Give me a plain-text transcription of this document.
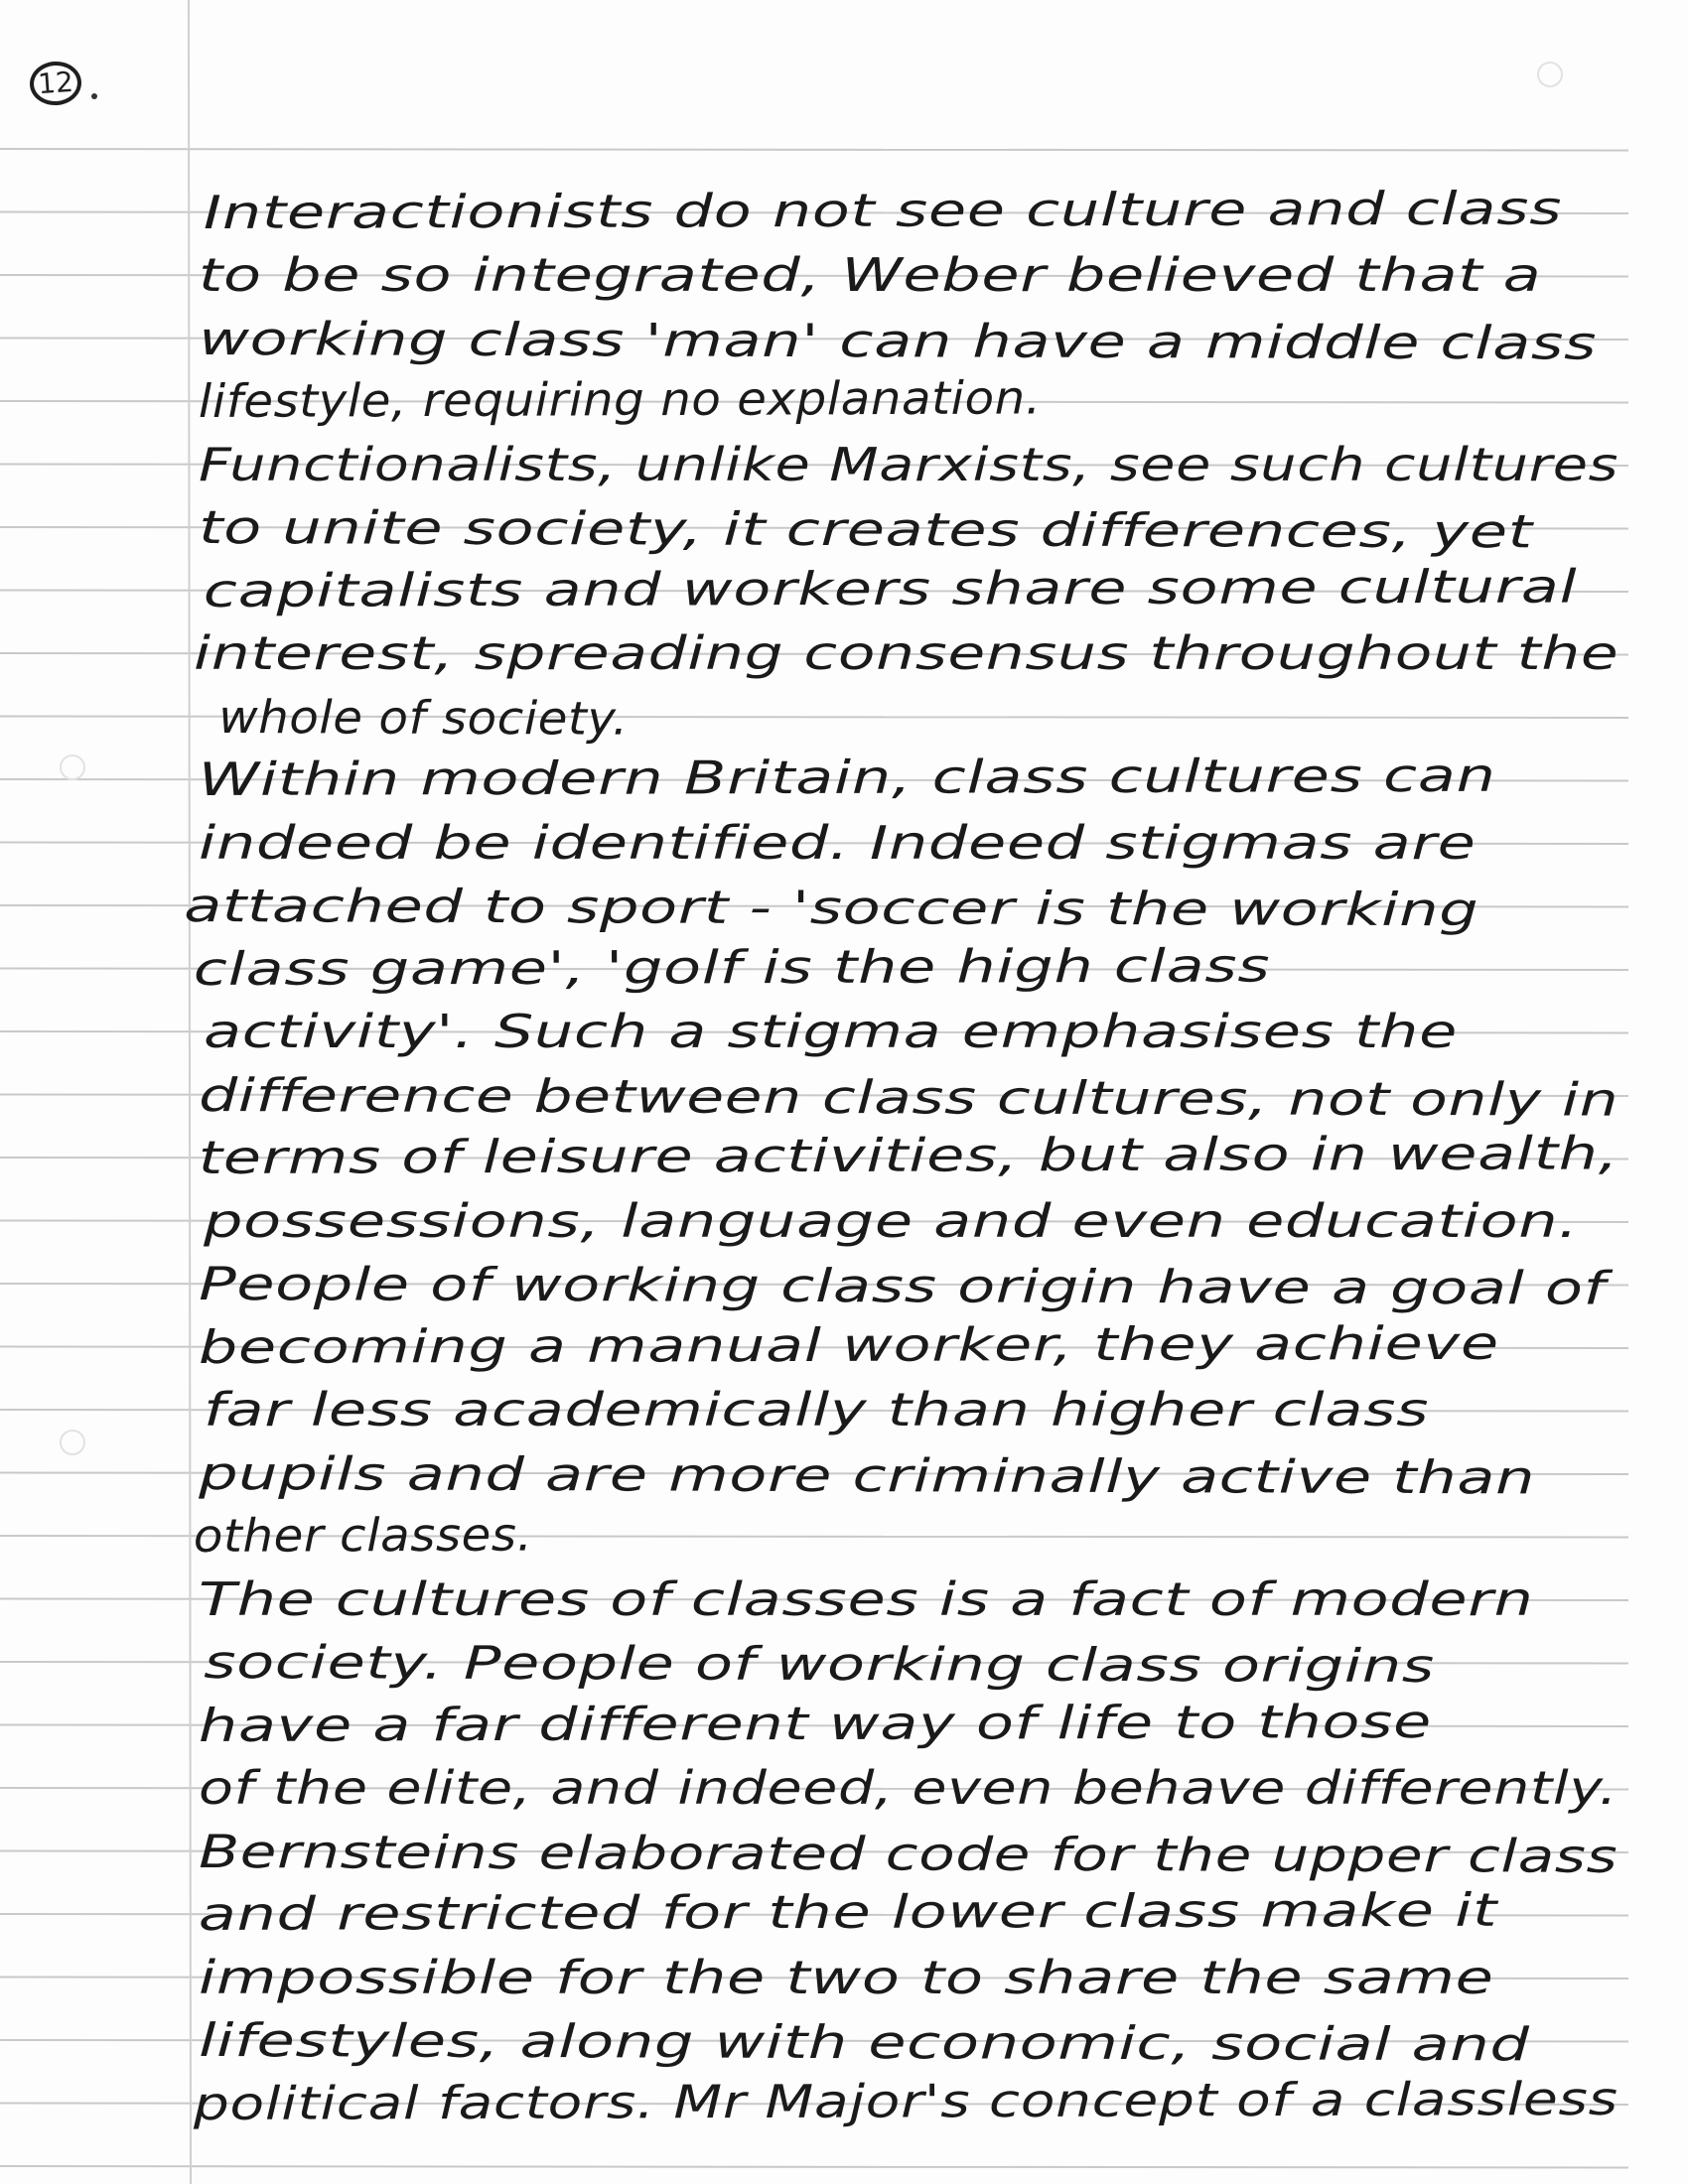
12
Interactionists do not see culture and class
to be so integrated, Weber believed that a
working class 'man' can have a middle class
lifestyle, requiring no explanation.
Functionalists, unlike Marxists, see such cultures
to unite society, it creates differences, yet
capitalists and workers share some cultural
interest, spreading consensus throughout the
whole of society.
Within modern Britain, class cultures can
indeed be identified. Indeed stigmas are
attached to sport - 'soccer is the working
class game', 'golf is the high class
activity'. Such a stigma emphasises the
difference between class cultures, not only in
terms of leisure activities, but also in wealth,
possessions, language and even education.
People of working class origin have a goal of
becoming a manual worker, they achieve
far less academically than higher class
pupils and are more criminally active than
other classes.
The cultures of classes is a fact of modern
society. People of working class origins
have a far different way of life to those
of the elite, and indeed, even behave differently.
Bernsteins elaborated code for the upper class
and restricted for the lower class make it
impossible for the two to share the same
lifestyles, along with economic, social and
political factors. Mr Major's concept of a classless
